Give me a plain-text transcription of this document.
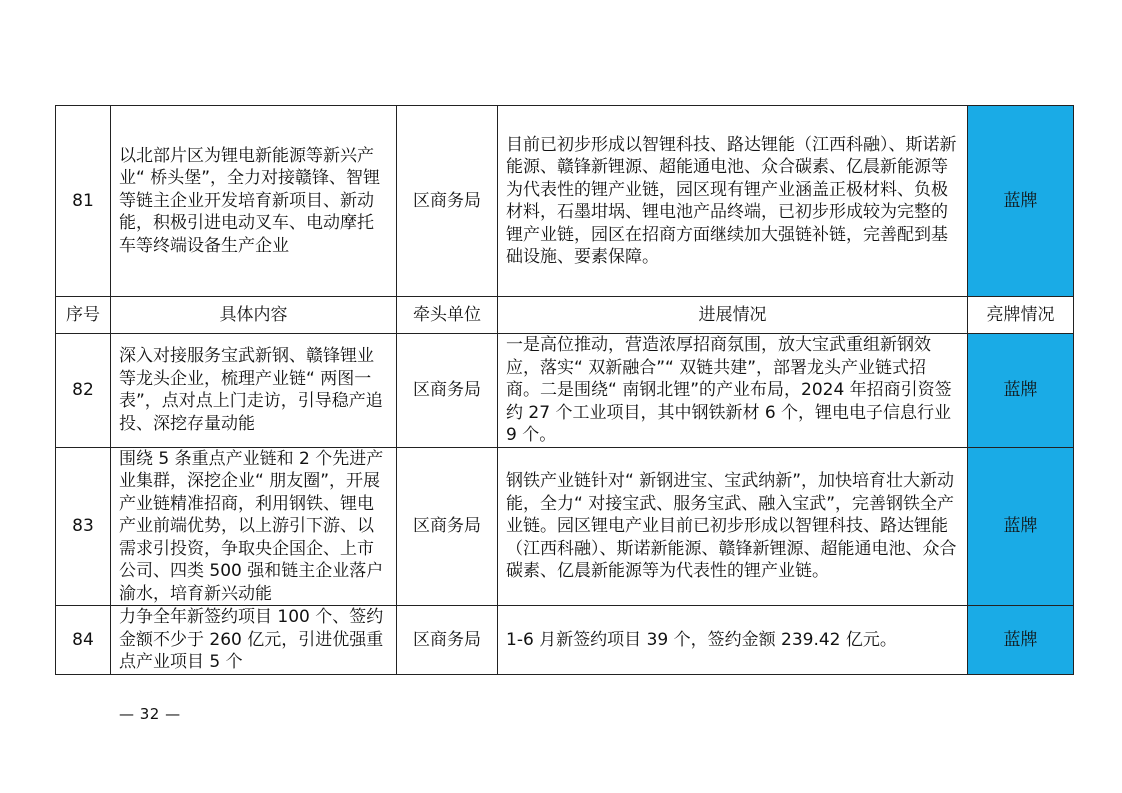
81	以北部片区为锂电新能源等新兴产业“ 桥头堡”，全力对接赣锋、智锂等链主企业开发培育新项目、新动能，积极引进电动叉车、电动摩托车等终端设备生产企业	区商务局	目前已初步形成以智锂科技、路达锂能（江西科融）、斯诺新能源、赣锋新锂源、超能通电池、众合碳素、亿晨新能源等为代表性的锂产业链，园区现有锂产业涵盖正极材料、负极材料，石墨坩埚、锂电池产品终端，已初步形成较为完整的锂产业链，园区在招商方面继续加大强链补链，完善配到基础设施、要素保障。	蓝牌
序号	具体内容	牵头单位	进展情况	亮牌情况
82	深入对接服务宝武新钢、赣锋锂业等龙头企业，梳理产业链“ 两图一表”，点对点上门走访，引导稳产追投、深挖存量动能	区商务局	一是高位推动，营造浓厚招商氛围，放大宝武重组新钢效应，落实“ 双新融合”“ 双链共建”，部署龙头产业链式招商。二是围绕“ 南钢北锂”的产业布局，2024 年招商引资签约 27 个工业项目，其中钢铁新材 6 个，锂电电子信息行业 9 个。	蓝牌
83	围绕 5 条重点产业链和 2 个先进产业集群，深挖企业“ 朋友圈”，开展产业链精准招商，利用钢铁、锂电产业前端优势，以上游引下游、以需求引投资，争取央企国企、上市公司、四类 500 强和链主企业落户渝水，培育新兴动能	区商务局	钢铁产业链针对“ 新钢进宝、宝武纳新”，加快培育壮大新动能，全力“ 对接宝武、服务宝武、融入宝武”，完善钢铁全产业链。园区锂电产业目前已初步形成以智锂科技、路达锂能（江西科融）、斯诺新能源、赣锋新锂源、超能通电池、众合碳素、亿晨新能源等为代表性的锂产业链。	蓝牌
84	力争全年新签约项目 100 个、签约金额不少于 260 亿元，引进优强重点产业项目 5 个	区商务局	1-6 月新签约项目 39 个，签约金额 239.42 亿元。	蓝牌
— 32 —
